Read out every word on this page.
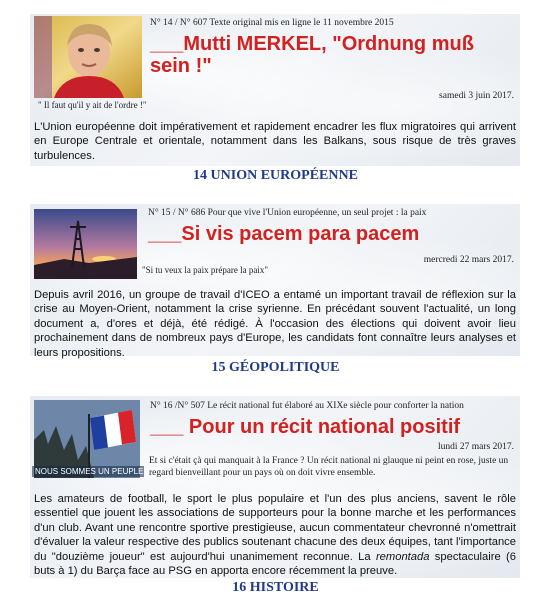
N° 14 / N° 607 Texte original mis en ligne le 11 novembre 2015
___Mutti MERKEL, "Ordnung muß sein !"
" Il faut qu'il y ait de l'ordre !"
samedi 3 juin 2017.
L'Union européenne doit impérativement et rapidement encadrer les flux migratoires qui arrivent en Europe Centrale et orientale, notamment dans les Balkans, sous risque de très graves turbulences.
14 UNION EUROPÉENNE
N° 15 / N° 686 Pour que vive l'Union européenne, un seul projet : la paix
___Si vis pacem para pacem
"Si tu veux la paix prépare la paix"
mercredi 22 mars 2017.
Depuis avril 2016, un groupe de travail d'ICEO a entamé un important travail de réflexion sur la crise au Moyen-Orient, notamment la crise syrienne. En précédant souvent l'actualité, un long document a, d'ores et déjà, été rédigé. À l'occasion des élections qui doivent avoir lieu prochainement dans de nombreux pays d'Europe, les candidats font connaître leurs analyses et leurs propositions.
15 GÉOPOLITIQUE
NOUS SOMMES UN PEUPLE
N° 16 /N° 507 Le récit national fut élaboré au XIXe siècle pour conforter la nation
___ Pour un récit national positif
lundi 27 mars 2017.
Et si c'était çà qui manquait à la France ? Un récit national ni glauque ni peint en rose, juste un regard bienveillant pour un pays où on doit vivre ensemble.
Les amateurs de football, le sport le plus populaire et l'un des plus anciens, savent le rôle essentiel que jouent les associations de supporteurs pour la bonne marche et les performances d'un club. Avant une rencontre sportive prestigieuse, aucun commentateur chevronné n'omettrait d'évaluer la valeur respective des publics soutenant chacune des deux équipes, tant l'importance du "douzième joueur" est aujourd'hui unanimement reconnue. La remontada spectaculaire (6 buts à 1) du Barça face au PSG en apporta encore récemment la preuve.
16 HISTOIRE
